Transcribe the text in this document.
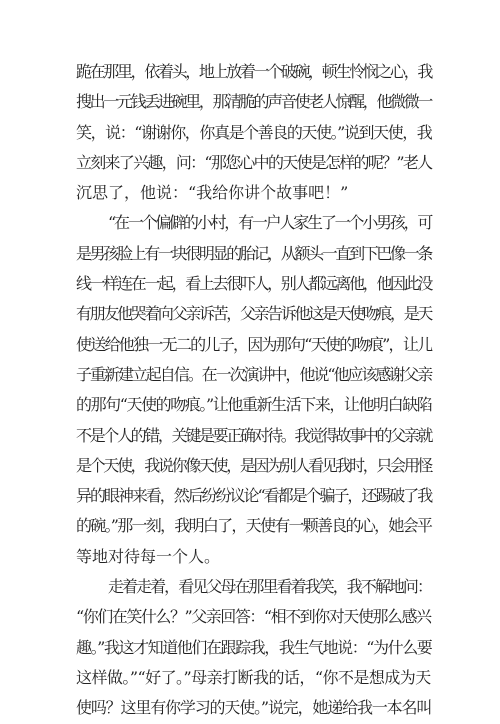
跪在那里，依着头，地上放着一个破碗，顿生怜悯之心，我
搜出一元钱丢进碗里，那清脆的声音使老人惊醒，他微微一
笑，说：“谢谢你，你真是个善良的天使。”说到天使，我
立刻来了兴趣，问：“那您心中的天使是怎样的呢？”老人
沉思了，他说：“我给你讲个故事吧！”
“在一个偏僻的小村，有一户人家生了一个小男孩，可
是男孩脸上有一块很明显的胎记，从额头一直到下巴像一条
线一样连在一起，看上去很吓人，别人都远离他，他因此没
有朋友他哭着向父亲诉苦，父亲告诉他这是天使吻痕，是天
使送给他独一无二的儿子，因为那句“天使的吻痕”，让儿
子重新建立起自信。在一次演讲中，他说“他应该感谢父亲
的那句“天使的吻痕。”让他重新生活下来，让他明白缺陷
不是个人的错，关键是要正确对待。我觉得故事中的父亲就
是个天使，我说你像天使，是因为别人看见我时，只会用怪
异的眼神来看，然后纷纷议论“看都是个骗子，还踢破了我
的碗。”那一刻，我明白了，天使有一颗善良的心，她会平
等地对待每一个人。
走着走着，看见父母在那里看着我笑，我不解地问：
“你们在笑什么？”父亲回答：“相不到你对天使那么感兴
趣。”我这才知道他们在跟踪我，我生气地说：“为什么要
这样做。”“好了。”母亲打断我的话，“你不是想成为天
使吗？这里有你学习的天使。”说完，她递给我一本名叫
